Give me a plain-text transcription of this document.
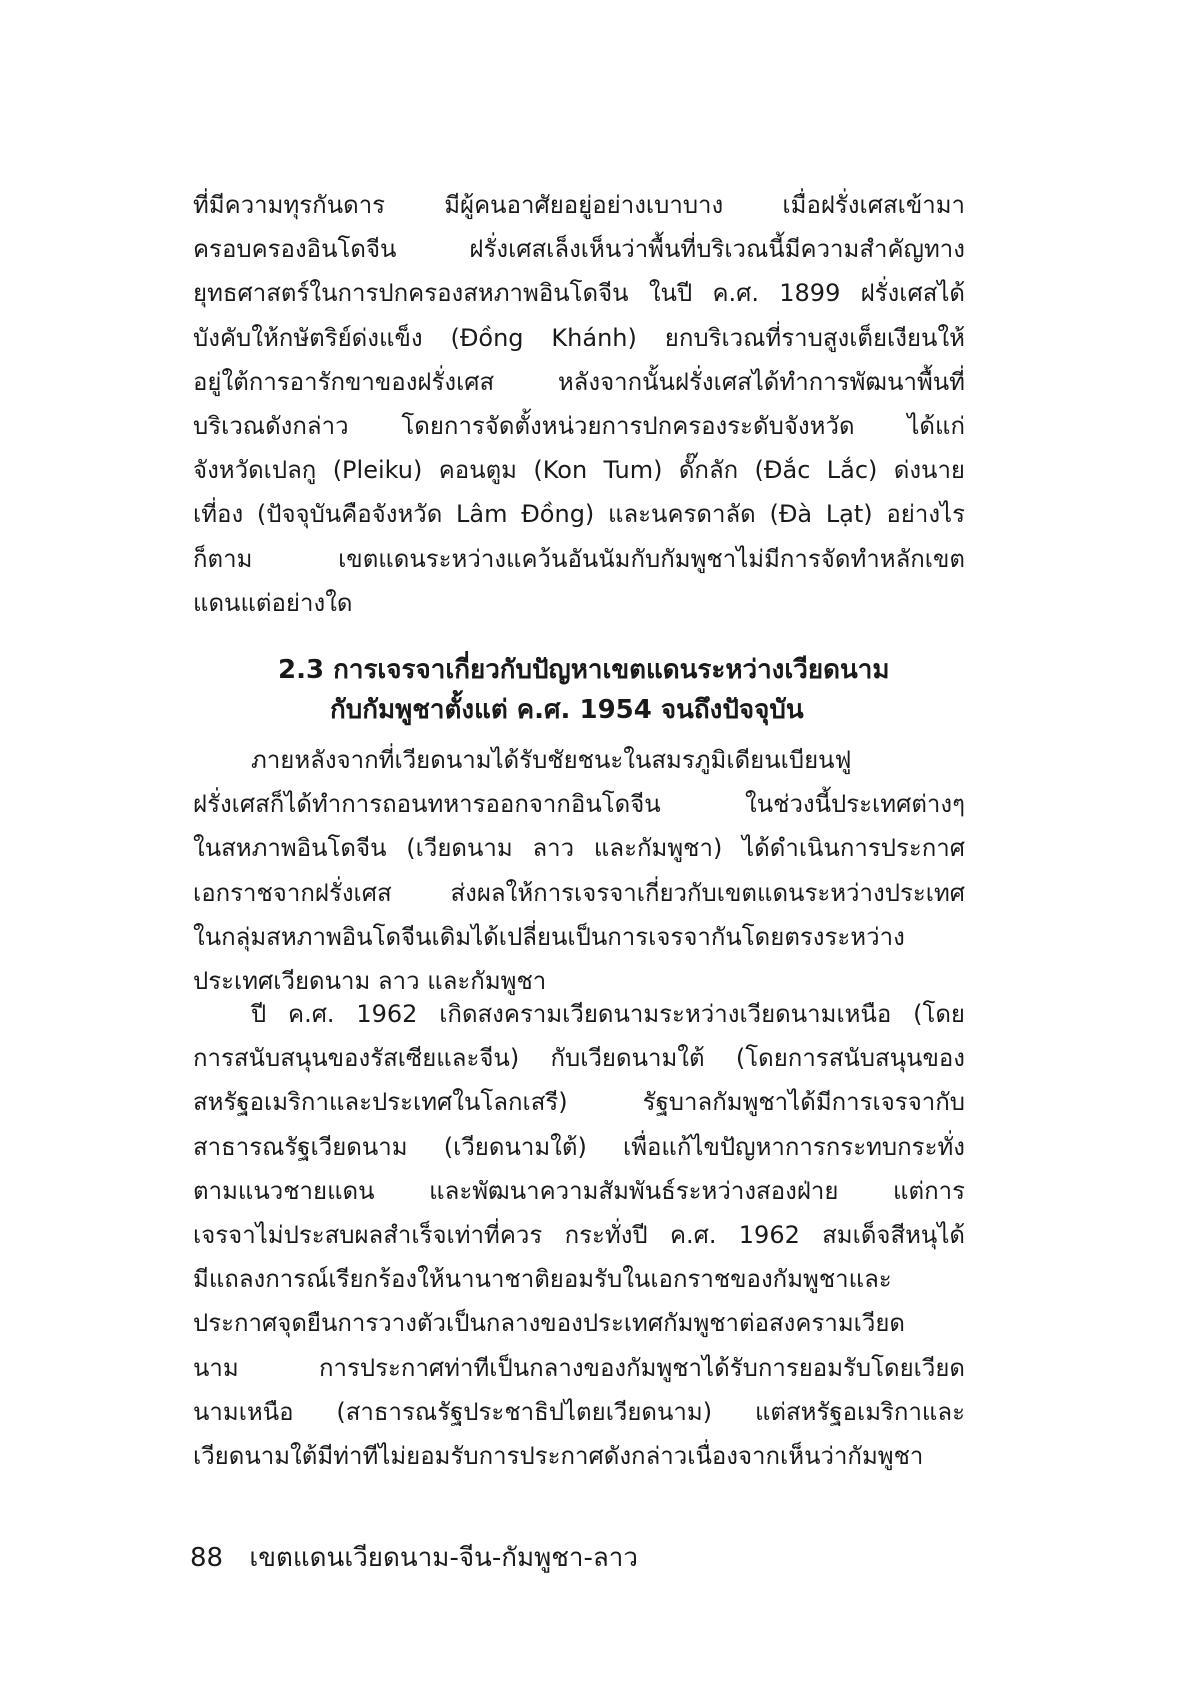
ที่มีความทุรกันดาร มีผู้คนอาศัยอยู่อย่างเบาบาง เมื่อฝรั่งเศสเข้ามา
ครอบครองอินโดจีน ฝรั่งเศสเล็งเห็นว่าพื้นที่บริเวณนี้มีความสำคัญทาง
ยุทธศาสตร์ในการปกครองสหภาพอินโดจีน ในปี ค.ศ. 1899 ฝรั่งเศสได้
บังคับให้กษัตริย์ด่งแข็ง (Đồng Khánh) ยกบริเวณที่ราบสูงเต็ยเงียนให้
อยู่ใต้การอารักขาของฝรั่งเศส หลังจากนั้นฝรั่งเศสได้ทำการพัฒนาพื้นที่
บริเวณดังกล่าว โดยการจัดตั้งหน่วยการปกครองระดับจังหวัด ได้แก่
จังหวัดเปลกู (Pleiku) คอนตูม (Kon Tum) ดั๊กลัก (Đắc Lắc) ด่งนาย
เที่อง (ปัจจุบันคือจังหวัด Lâm Đồng) และนครดาลัด (Đà Lạt) อย่างไร
ก็ตาม เขตแดนระหว่างแคว้นอันนัมกับกัมพูชาไม่มีการจัดทำหลักเขต
แดนแต่อย่างใด
2.3 การเจรจาเกี่ยวกับปัญหาเขตแดนระหว่างเวียดนาม
กับกัมพูชาตั้งแต่ ค.ศ. 1954 จนถึงปัจจุบัน
ภายหลังจากที่เวียดนามได้รับชัยชนะในสมรภูมิเดียนเบียนฟู
ฝรั่งเศสก็ได้ทำการถอนทหารออกจากอินโดจีน ในช่วงนี้ประเทศต่างๆ
ในสหภาพอินโดจีน (เวียดนาม ลาว และกัมพูชา) ได้ดำเนินการประกาศ
เอกราชจากฝรั่งเศส ส่งผลให้การเจรจาเกี่ยวกับเขตแดนระหว่างประเทศ
ในกลุ่มสหภาพอินโดจีนเดิมได้เปลี่ยนเป็นการเจรจากันโดยตรงระหว่าง
ประเทศเวียดนาม ลาว และกัมพูชา
ปี ค.ศ. 1962 เกิดสงครามเวียดนามระหว่างเวียดนามเหนือ (โดย
การสนับสนุนของรัสเซียและจีน) กับเวียดนามใต้ (โดยการสนับสนุนของ
สหรัฐอเมริกาและประเทศในโลกเสรี) รัฐบาลกัมพูชาได้มีการเจรจากับ
สาธารณรัฐเวียดนาม (เวียดนามใต้) เพื่อแก้ไขปัญหาการกระทบกระทั่ง
ตามแนวชายแดน และพัฒนาความสัมพันธ์ระหว่างสองฝ่าย แต่การ
เจรจาไม่ประสบผลสำเร็จเท่าที่ควร กระทั่งปี ค.ศ. 1962 สมเด็จสีหนุได้
มีแถลงการณ์เรียกร้องให้นานาชาติยอมรับในเอกราชของกัมพูชาและ
ประกาศจุดยืนการวางตัวเป็นกลางของประเทศกัมพูชาต่อสงครามเวียด
นาม การประกาศท่าทีเป็นกลางของกัมพูชาได้รับการยอมรับโดยเวียด
นามเหนือ (สาธารณรัฐประชาธิปไตยเวียดนาม) แต่สหรัฐอเมริกาและ
เวียดนามใต้มีท่าทีไม่ยอมรับการประกาศดังกล่าวเนื่องจากเห็นว่ากัมพูชา
88 เขตแดนเวียดนาม-จีน-กัมพูชา-ลาว
